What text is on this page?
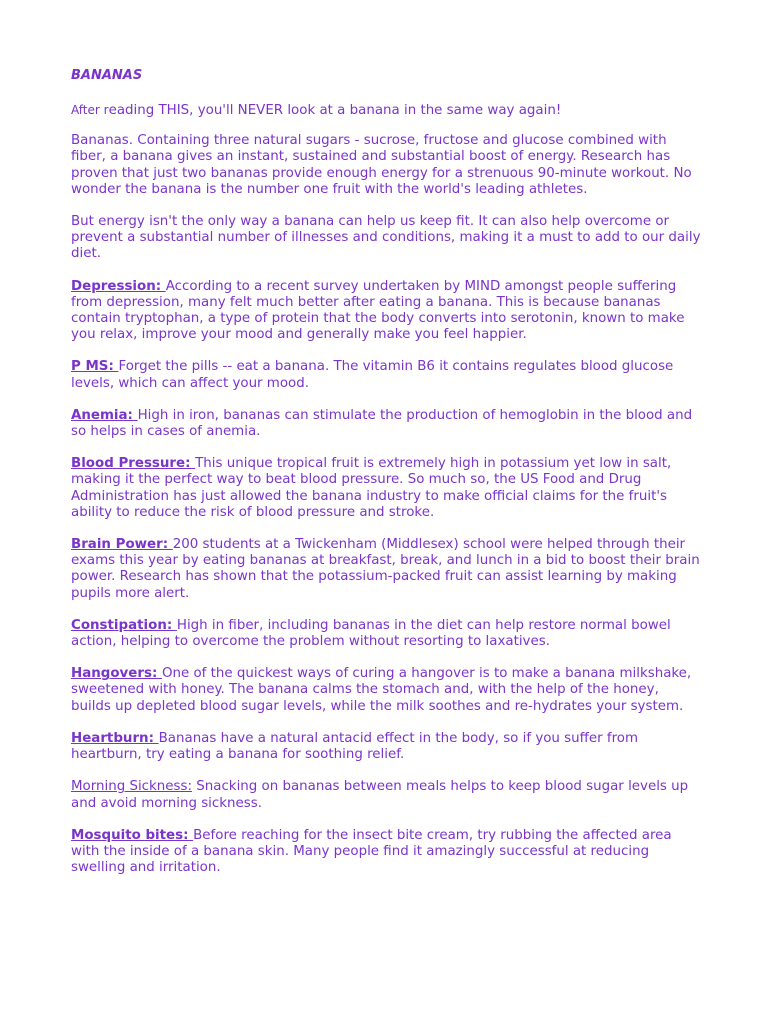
BANANAS
After reading THIS, you'll NEVER look at a banana in the same way again!
Bananas. Containing three natural sugars - sucrose, fructose and glucose combined with fiber, a banana gives an instant, sustained and substantial boost of energy. Research has proven that just two bananas provide enough energy for a strenuous 90-minute workout. No wonder the banana is the number one fruit with the world's leading athletes.
But energy isn't the only way a banana can help us keep fit. It can also help overcome or prevent a substantial number of illnesses and conditions, making it a must to add to our daily diet.
Depression: According to a recent survey undertaken by MIND amongst people suffering from depression, many felt much better after eating a banana. This is because bananas contain tryptophan, a type of protein that the body converts into serotonin, known to make you relax, improve your mood and generally make you feel happier.
P MS: Forget the pills -- eat a banana. The vitamin B6 it contains regulates blood glucose levels, which can affect your mood.
Anemia: High in iron, bananas can stimulate the production of hemoglobin in the blood and so helps in cases of anemia.
Blood Pressure: This unique tropical fruit is extremely high in potassium yet low in salt, making it the perfect way to beat blood pressure. So much so, the US Food and Drug Administration has just allowed the banana industry to make official claims for the fruit's ability to reduce the risk of blood pressure and stroke.
Brain Power: 200 students at a Twickenham (Middlesex) school were helped through their exams this year by eating bananas at breakfast, break, and lunch in a bid to boost their brain power. Research has shown that the potassium-packed fruit can assist learning by making pupils more alert.
Constipation: High in fiber, including bananas in the diet can help restore normal bowel action, helping to overcome the problem without resorting to laxatives.
Hangovers: One of the quickest ways of curing a hangover is to make a banana milkshake, sweetened with honey. The banana calms the stomach and, with the help of the honey, builds up depleted blood sugar levels, while the milk soothes and re-hydrates your system.
Heartburn: Bananas have a natural antacid effect in the body, so if you suffer from heartburn, try eating a banana for soothing relief.
Morning Sickness: Snacking on bananas between meals helps to keep blood sugar levels up and avoid morning sickness.
Mosquito bites: Before reaching for the insect bite cream, try rubbing the affected area with the inside of a banana skin. Many people find it amazingly successful at reducing swelling and irritation.
